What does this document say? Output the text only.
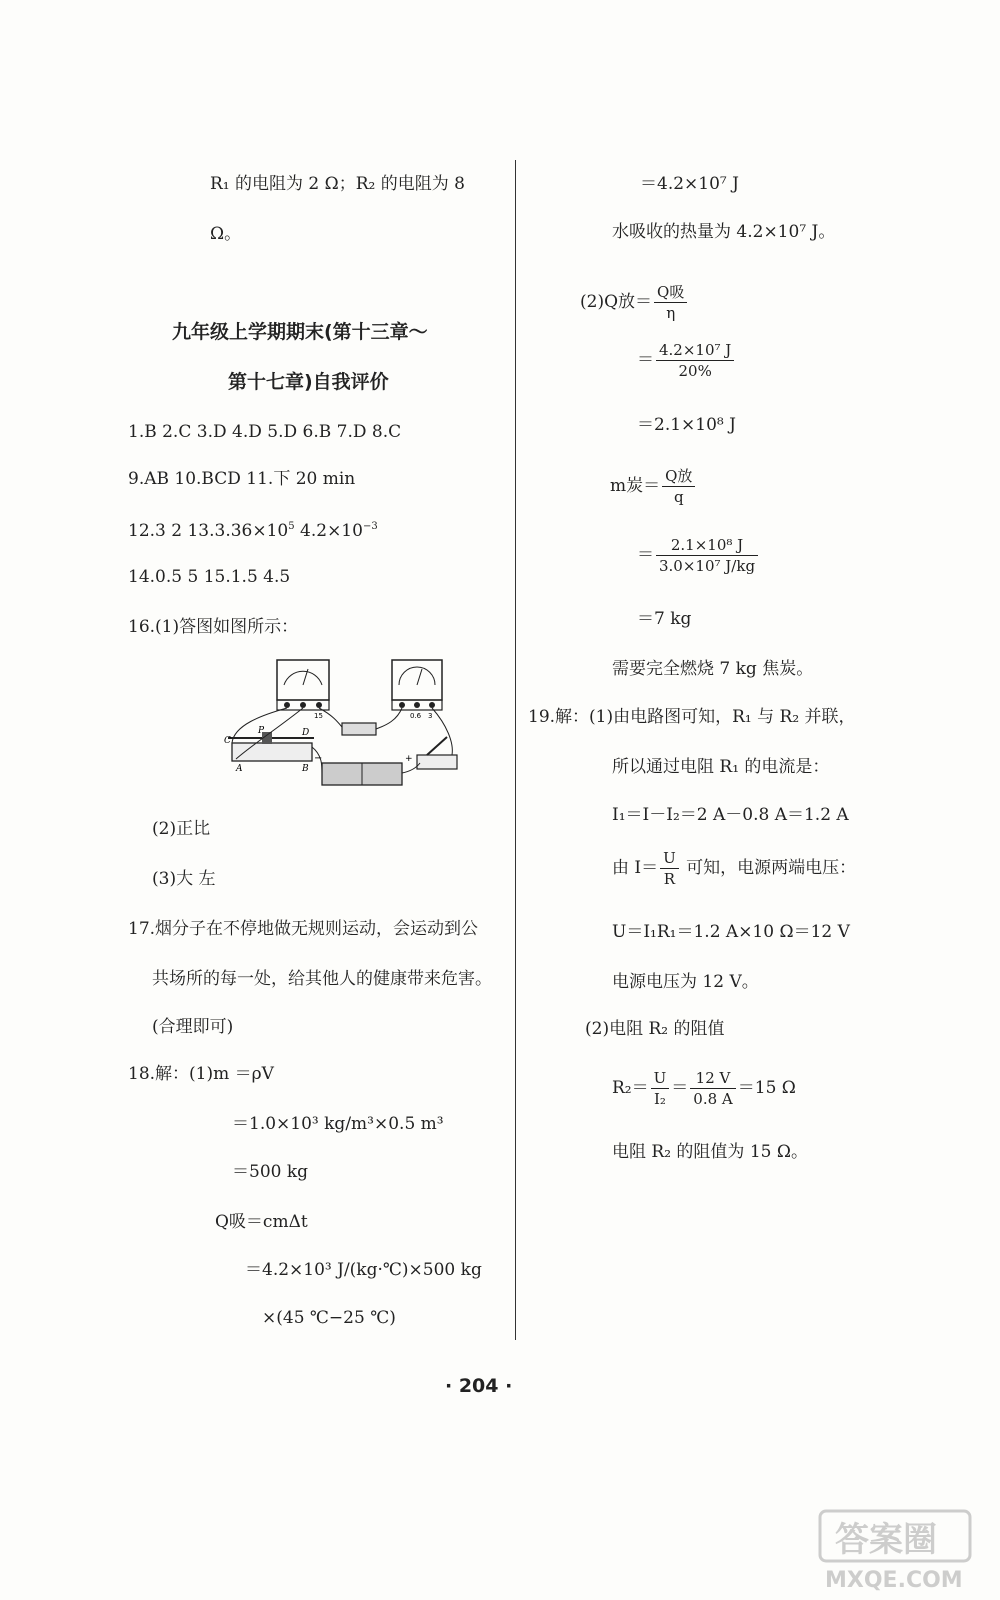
R₁ 的电阻为 2 Ω；R₂ 的电阻为 8
Ω。
九年级上学期期末(第十三章～
第十七章)自我评价
1.B 2.C 3.D 4.D 5.D 6.B 7.D 8.C
9.AB 10.BCD 11.下 20 min
12.3 2 $13.3.36\times 10^5$ $4.2\times 10^{-3}$
14.0.5 5 15.1.5 4.5
16.(1)答图如图所示：
C
P	D
A	B
+
−
0.6 3
15
(2)正比
(3)大 左
17.烟分子在不停地做无规则运动，会运动到公
共场所的每一处，给其他人的健康带来危害。
(合理即可)
18.解：(1)m ＝ρV
＝1.0×10³ kg/m³×0.5 m³
＝500 kg
Q吸＝cmΔt
＝4.2×10³ J/(kg·℃)×500 kg
×(45 ℃−25 ℃)
＝4.2×10⁷ J
水吸收的热量为 4.2×10⁷ J。
(2)Q放＝ $\frac{\text{Q吸}}{\eta}$
＝ $\frac{\text{4.2×10⁷ J}}{20\%}$
＝2.1×10⁸ J
m炭＝ $\frac{\text{Q放}}{q}$
＝ $\frac{\text{2.1×10⁸ J}}{\text{3.0×10⁷ J/kg}}$
＝7 kg
需要完全燃烧 7 kg 焦炭。
19.解：(1)由电路图可知，R₁ 与 R₂ 并联，
所以通过电阻 R₁ 的电流是：
I₁＝I－I₂＝2 A－0.8 A＝1.2 A
由 $I= \frac{U}{R}$ 可知，电源两端电压：
U＝I₁R₁＝1.2 A×10 Ω＝12 V
电源电压为 12 V。
(2)电阻 R₂ 的阻值
$R_2= \frac{U}{\text{I₂}} = \frac{12 V}{0.8 A} =15$ Ω
电阻 R₂ 的阻值为 15 Ω。
· 204 ·
答案圈
MXQE.COM
